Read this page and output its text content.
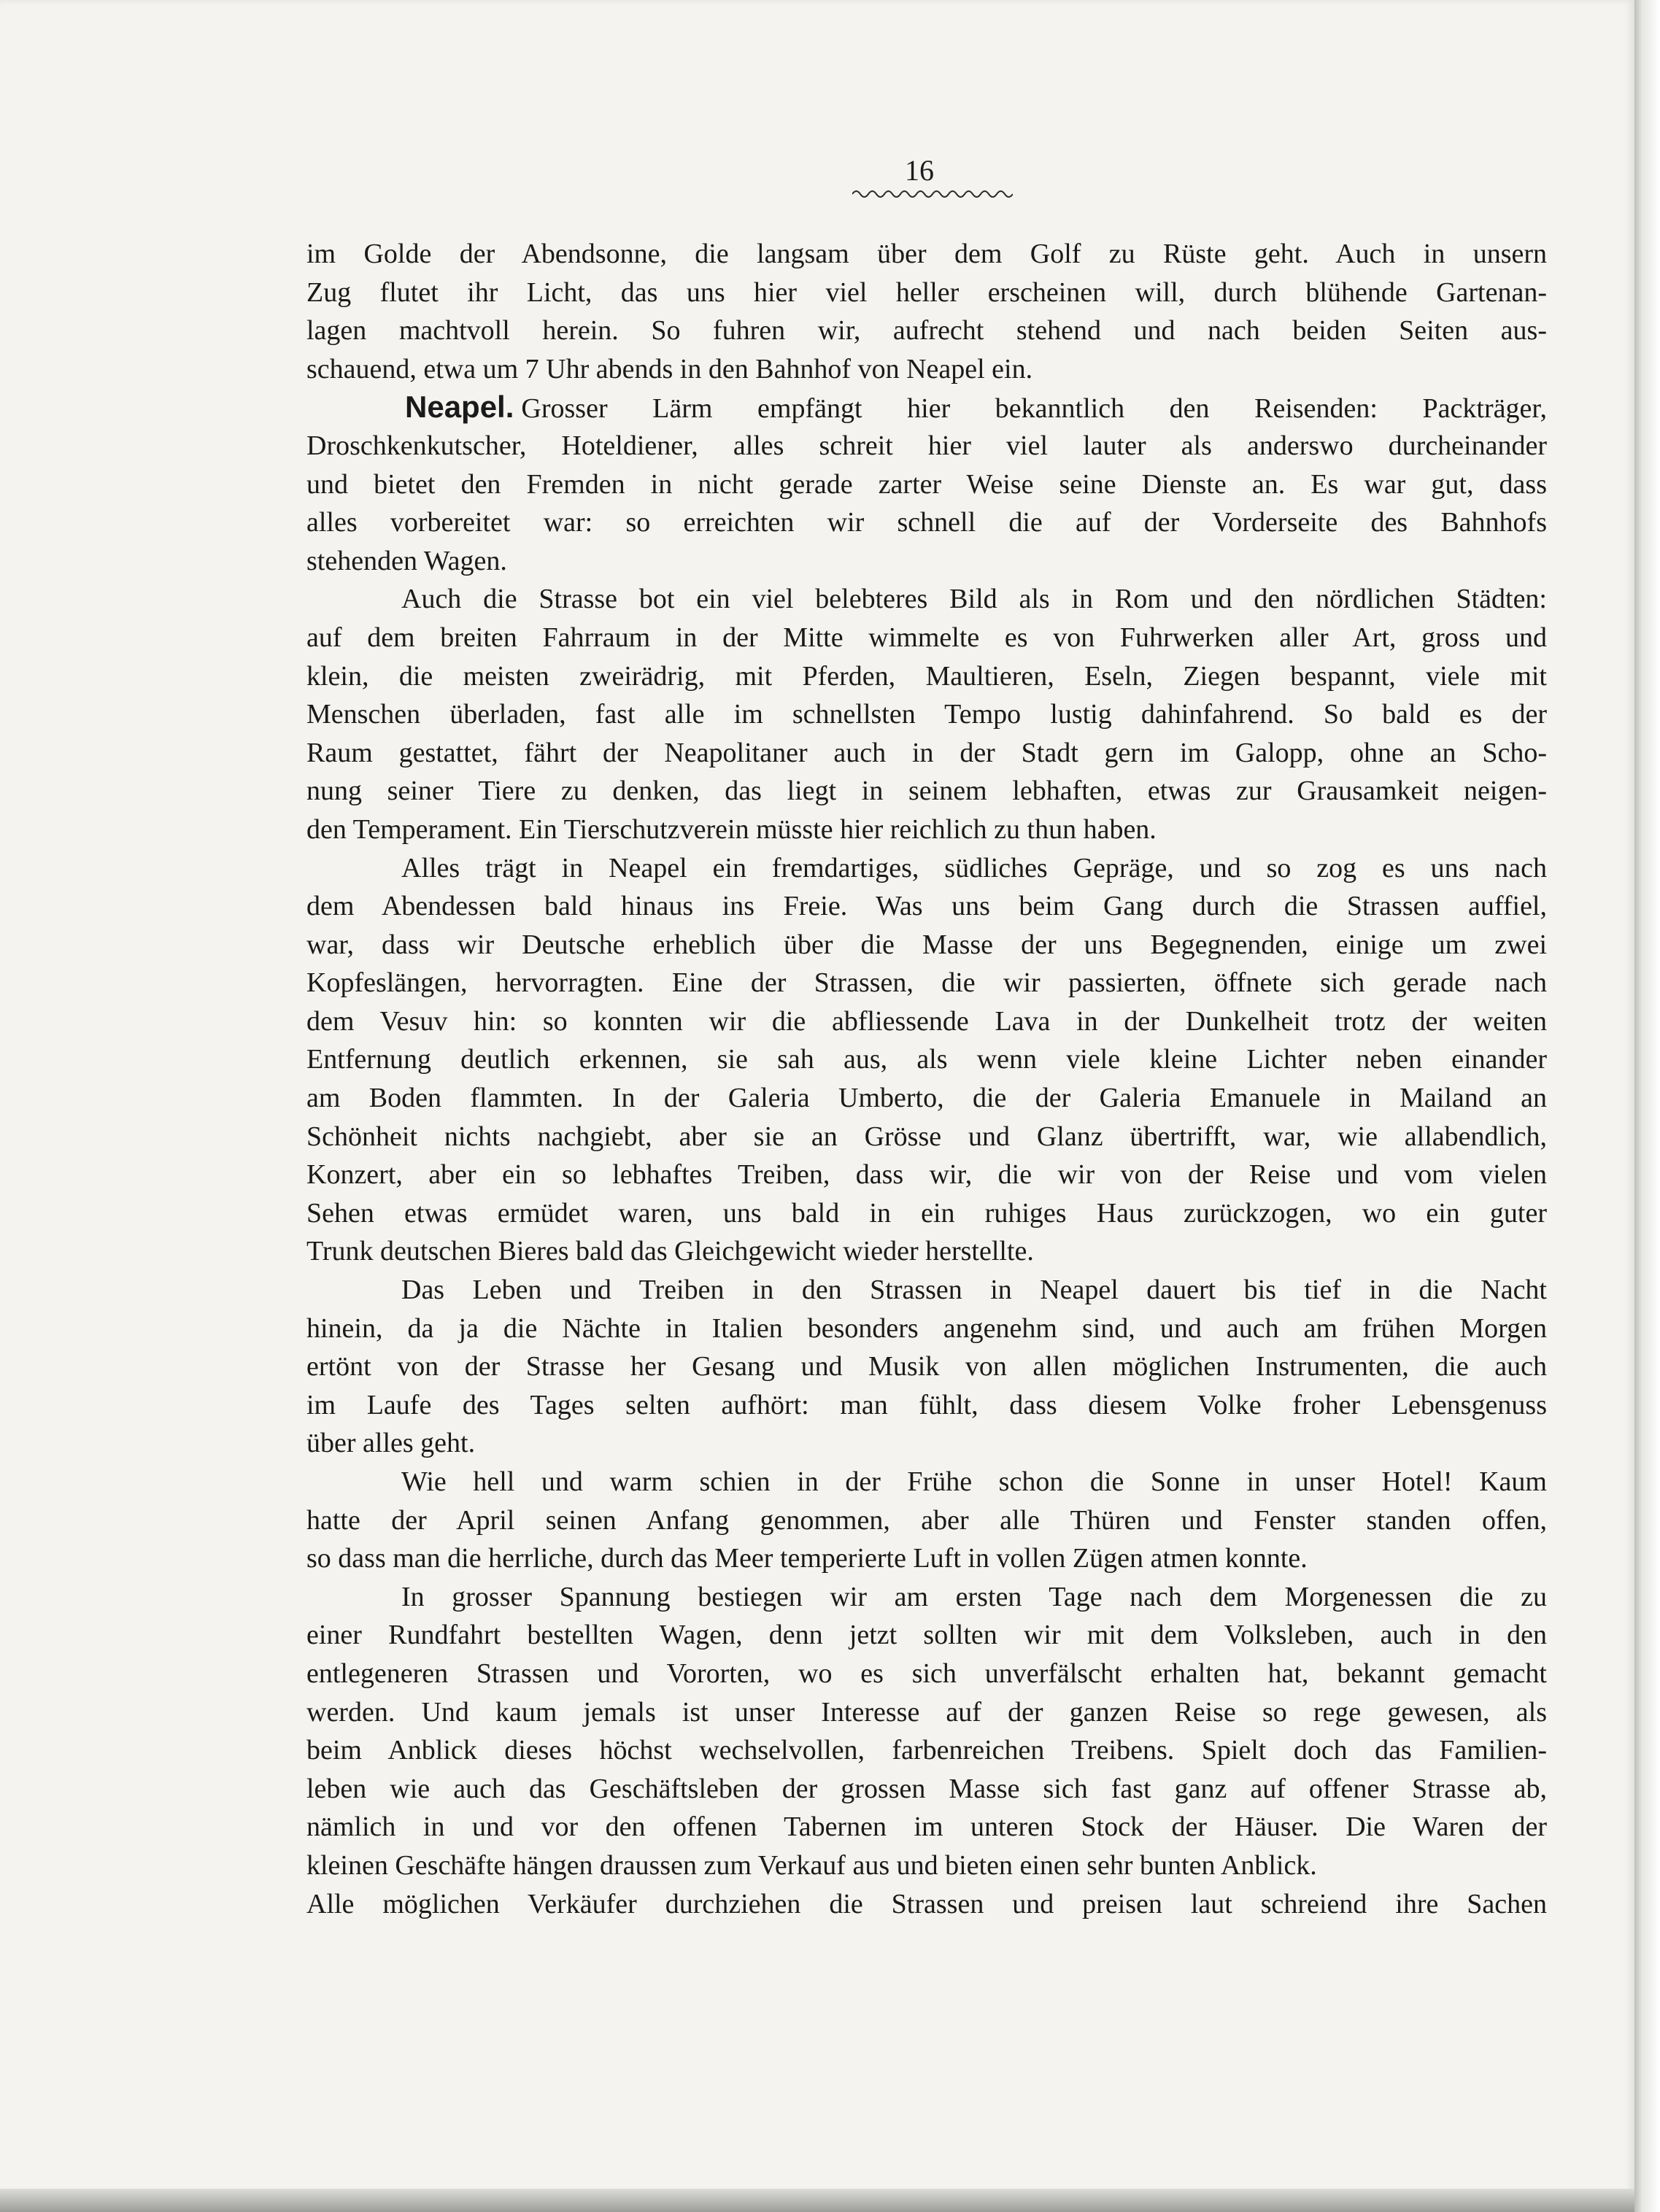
16
im Golde der Abendsonne, die langsam über dem Golf zu Rüste geht. Auch in unsern
Zug flutet ihr Licht, das uns hier viel heller erscheinen will, durch blühende Gartenan-
lagen machtvoll herein. So fuhren wir, aufrecht stehend und nach beiden Seiten aus-
schauend, etwa um 7 Uhr abends in den Bahnhof von Neapel ein.
Neapel. Grosser Lärm empfängt hier bekanntlich den Reisenden: Packträger,
Droschkenkutscher, Hoteldiener, alles schreit hier viel lauter als anderswo durcheinander
und bietet den Fremden in nicht gerade zarter Weise seine Dienste an. Es war gut, dass
alles vorbereitet war: so erreichten wir schnell die auf der Vorderseite des Bahnhofs
stehenden Wagen.
Auch die Strasse bot ein viel belebteres Bild als in Rom und den nördlichen Städten:
auf dem breiten Fahrraum in der Mitte wimmelte es von Fuhrwerken aller Art, gross und
klein, die meisten zweirädrig, mit Pferden, Maultieren, Eseln, Ziegen bespannt, viele mit
Menschen überladen, fast alle im schnellsten Tempo lustig dahinfahrend. So bald es der
Raum gestattet, fährt der Neapolitaner auch in der Stadt gern im Galopp, ohne an Scho-
nung seiner Tiere zu denken, das liegt in seinem lebhaften, etwas zur Grausamkeit neigen-
den Temperament. Ein Tierschutzverein müsste hier reichlich zu thun haben.
Alles trägt in Neapel ein fremdartiges, südliches Gepräge, und so zog es uns nach
dem Abendessen bald hinaus ins Freie. Was uns beim Gang durch die Strassen auffiel,
war, dass wir Deutsche erheblich über die Masse der uns Begegnenden, einige um zwei
Kopfeslängen, hervorragten. Eine der Strassen, die wir passierten, öffnete sich gerade nach
dem Vesuv hin: so konnten wir die abfliessende Lava in der Dunkelheit trotz der weiten
Entfernung deutlich erkennen, sie sah aus, als wenn viele kleine Lichter neben einander
am Boden flammten. In der Galeria Umberto, die der Galeria Emanuele in Mailand an
Schönheit nichts nachgiebt, aber sie an Grösse und Glanz übertrifft, war, wie allabendlich,
Konzert, aber ein so lebhaftes Treiben, dass wir, die wir von der Reise und vom vielen
Sehen etwas ermüdet waren, uns bald in ein ruhiges Haus zurückzogen, wo ein guter
Trunk deutschen Bieres bald das Gleichgewicht wieder herstellte.
Das Leben und Treiben in den Strassen in Neapel dauert bis tief in die Nacht
hinein, da ja die Nächte in Italien besonders angenehm sind, und auch am frühen Morgen
ertönt von der Strasse her Gesang und Musik von allen möglichen Instrumenten, die auch
im Laufe des Tages selten aufhört: man fühlt, dass diesem Volke froher Lebensgenuss
über alles geht.
Wie hell und warm schien in der Frühe schon die Sonne in unser Hotel! Kaum
hatte der April seinen Anfang genommen, aber alle Thüren und Fenster standen offen,
so dass man die herrliche, durch das Meer temperierte Luft in vollen Zügen atmen konnte.
In grosser Spannung bestiegen wir am ersten Tage nach dem Morgenessen die zu
einer Rundfahrt bestellten Wagen, denn jetzt sollten wir mit dem Volksleben, auch in den
entlegeneren Strassen und Vororten, wo es sich unverfälscht erhalten hat, bekannt gemacht
werden. Und kaum jemals ist unser Interesse auf der ganzen Reise so rege gewesen, als
beim Anblick dieses höchst wechselvollen, farbenreichen Treibens. Spielt doch das Familien-
leben wie auch das Geschäftsleben der grossen Masse sich fast ganz auf offener Strasse ab,
nämlich in und vor den offenen Tabernen im unteren Stock der Häuser. Die Waren der
kleinen Geschäfte hängen draussen zum Verkauf aus und bieten einen sehr bunten Anblick.
Alle möglichen Verkäufer durchziehen die Strassen und preisen laut schreiend ihre Sachen
